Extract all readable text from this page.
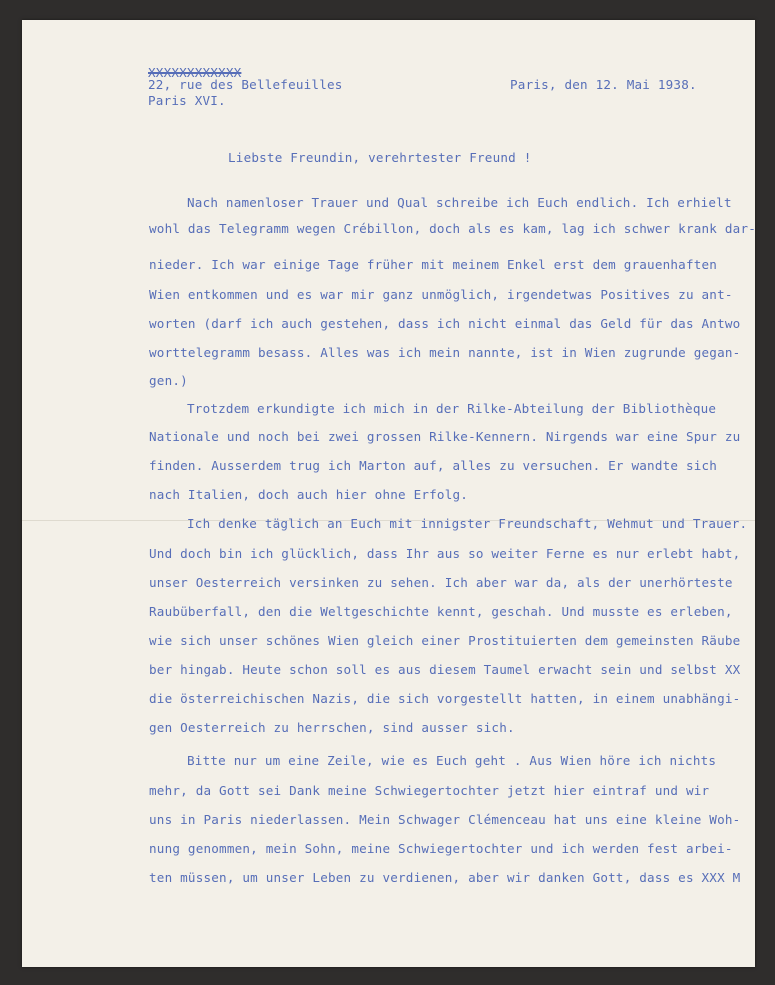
XXXXXXXXXXXX
22, rue des Bellefeuilles
Paris XVI.
Paris, den 12. Mai 1938.
Liebste Freundin, verehrtester Freund !
Nach namenloser Trauer und Qual schreibe ich Euch endlich. Ich erhielt
wohl das Telegramm wegen Crébillon, doch als es kam, lag ich schwer krank dar-
nieder. Ich war einige Tage früher mit meinem Enkel erst dem grauenhaften
Wien entkommen und es war mir ganz unmöglich, irgendetwas Positives zu ant-
worten (darf ich auch gestehen, dass ich nicht einmal das Geld für das Antwo
worttelegramm besass. Alles was ich mein nannte, ist in Wien zugrunde gegan-
gen.)
Trotzdem erkundigte ich mich in der Rilke-Abteilung der Bibliothèque
Nationale und noch bei zwei grossen Rilke-Kennern. Nirgends war eine Spur zu
finden. Ausserdem trug ich Marton auf, alles zu versuchen. Er wandte sich
nach Italien, doch auch hier ohne Erfolg.
Ich denke täglich an Euch mit innigster Freundschaft, Wehmut und Trauer.
Und doch bin ich glücklich, dass Ihr aus so weiter Ferne es nur erlebt habt,
unser Oesterreich versinken zu sehen. Ich aber war da, als der unerhörteste
Raubüberfall, den die Weltgeschichte kennt, geschah. Und musste es erleben,
wie sich unser schönes Wien gleich einer Prostituierten dem gemeinsten Räube
ber hingab. Heute schon soll es aus diesem Taumel erwacht sein und selbst XX
die österreichischen Nazis, die sich vorgestellt hatten, in einem unabhängi-
gen Oesterreich zu herrschen, sind ausser sich.
Bitte nur um eine Zeile, wie es Euch geht . Aus Wien höre ich nichts
mehr, da Gott sei Dank meine Schwiegertochter jetzt hier eintraf und wir
uns in Paris niederlassen. Mein Schwager Clémenceau hat uns eine kleine Woh-
nung genommen, mein Sohn, meine Schwiegertochter und ich werden fest arbei-
ten müssen, um unser Leben zu verdienen, aber wir danken Gott, dass es XXX M
